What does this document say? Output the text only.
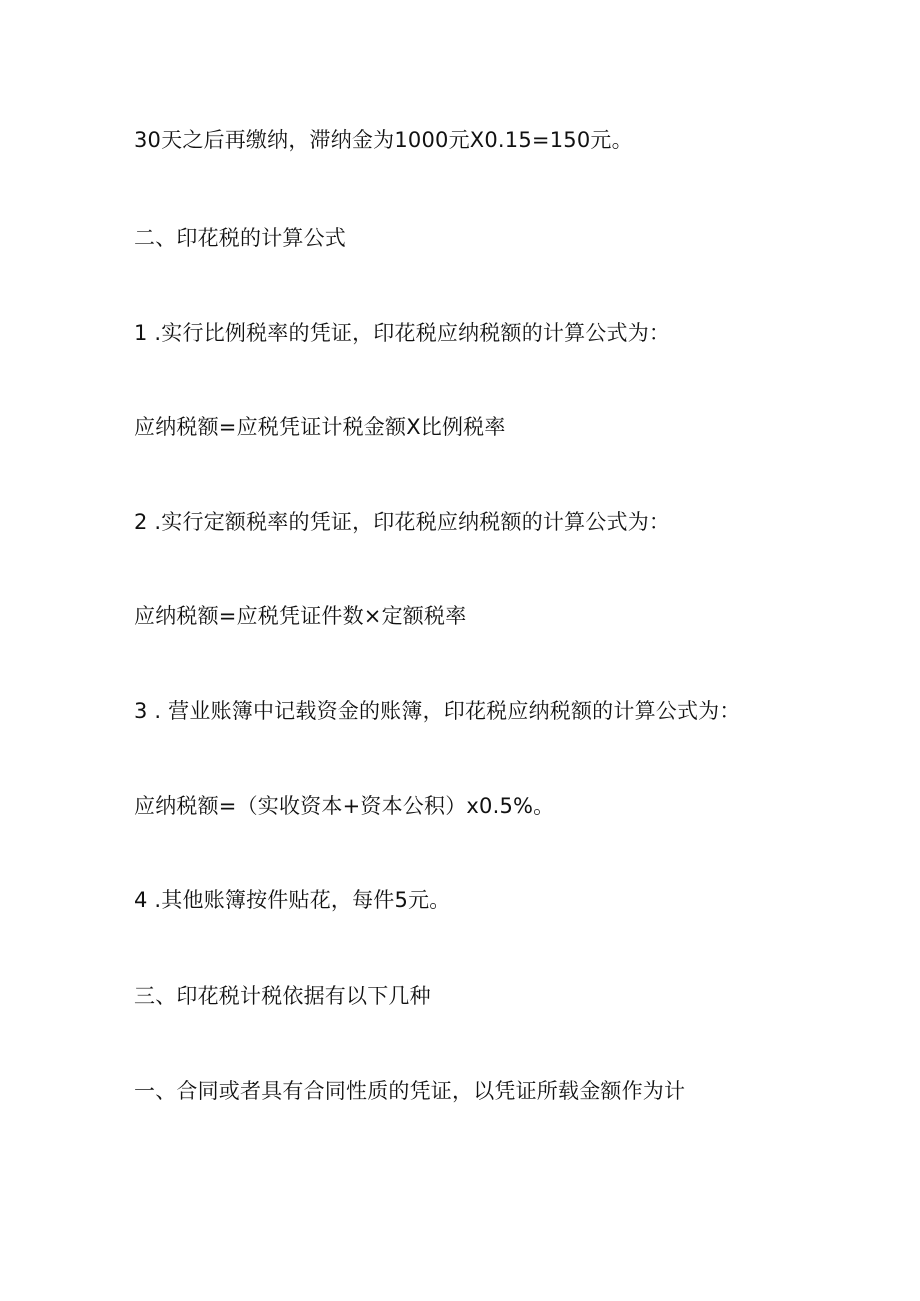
30天之后再缴纳，滞纳金为1000元X0.15=150元。
二、印花税的计算公式
1 .实行比例税率的凭证，印花税应纳税额的计算公式为：
应纳税额=应税凭证计税金额X比例税率
2 .实行定额税率的凭证，印花税应纳税额的计算公式为：
应纳税额=应税凭证件数×定额税率
3 . 营业账簿中记载资金的账簿，印花税应纳税额的计算公式为：
应纳税额=（实收资本+资本公积）x0.5%。
4 .其他账簿按件贴花，每件5元。
三、印花税计税依据有以下几种
一、合同或者具有合同性质的凭证，以凭证所载金额作为计
